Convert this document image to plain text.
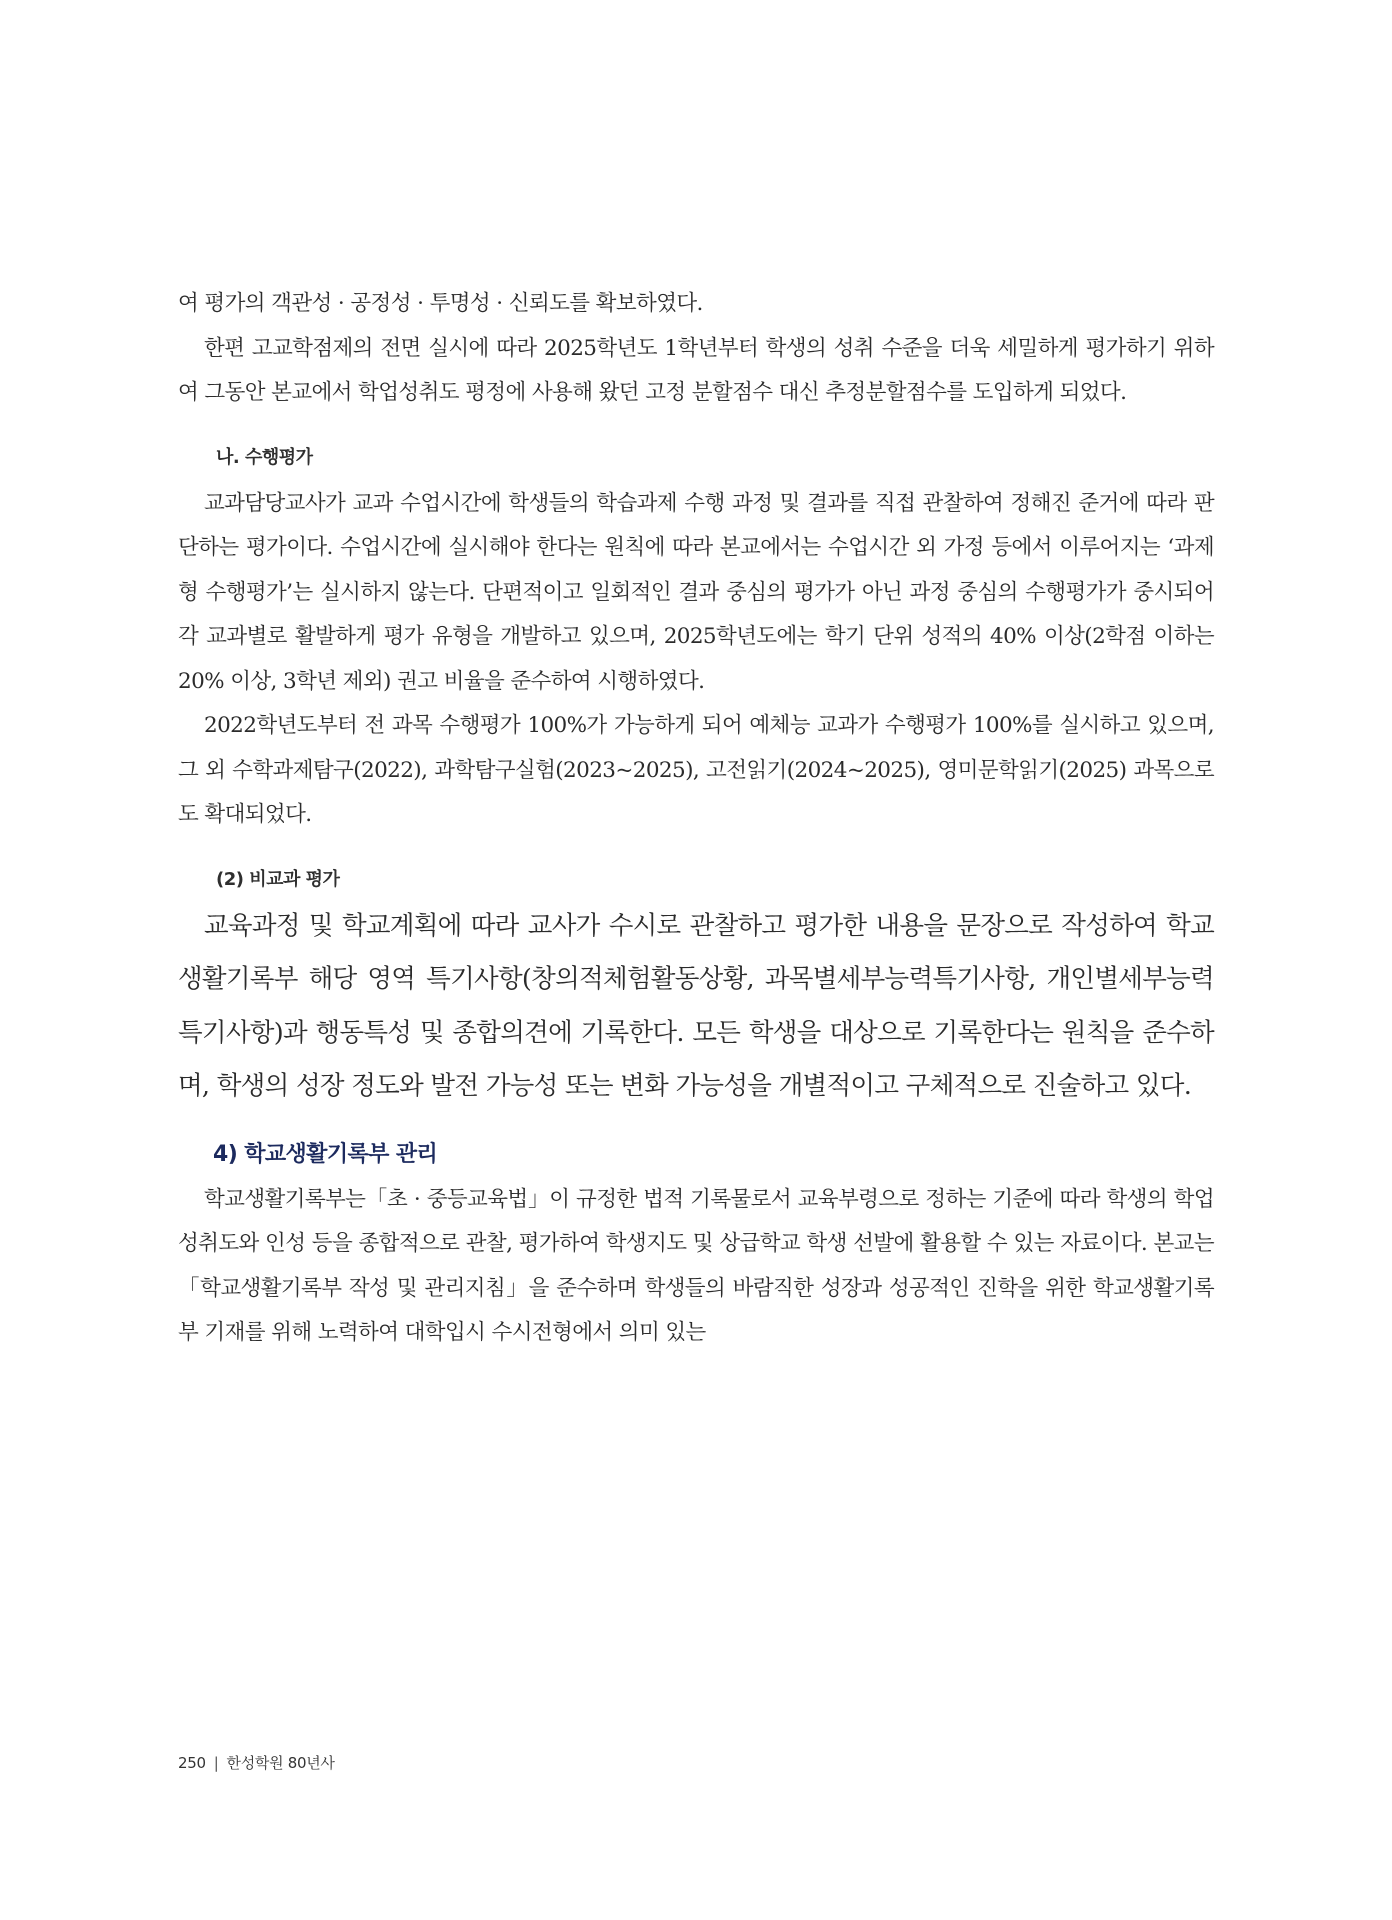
여 평가의 객관성 · 공정성 · 투명성 · 신뢰도를 확보하였다.

한편 고교학점제의 전면 실시에 따라 2025학년도 1학년부터 학생의 성취 수준을 더욱 세밀하게 평가하기 위하여 그동안 본교에서 학업성취도 평정에 사용해 왔던 고정 분할점수 대신 추정분할점수를 도입하게 되었다.

나. 수행평가

교과담당교사가 교과 수업시간에 학생들의 학습과제 수행 과정 및 결과를 직접 관찰하여 정해진 준거에 따라 판단하는 평가이다. 수업시간에 실시해야 한다는 원칙에 따라 본교에서는 수업시간 외 가정 등에서 이루어지는 ‘과제형 수행평가’는 실시하지 않는다. 단편적이고 일회적인 결과 중심의 평가가 아닌 과정 중심의 수행평가가 중시되어 각 교과별로 활발하게 평가 유형을 개발하고 있으며, 2025학년도에는 학기 단위 성적의 40% 이상(2학점 이하는 20% 이상, 3학년 제외) 권고 비율을 준수하여 시행하였다.

2022학년도부터 전 과목 수행평가 100%가 가능하게 되어 예체능 교과가 수행평가 100%를 실시하고 있으며, 그 외 수학과제탐구(2022), 과학탐구실험(2023~2025), 고전읽기(2024~2025), 영미문학읽기(2025) 과목으로도 확대되었다.

(2) 비교과 평가

교육과정 및 학교계획에 따라 교사가 수시로 관찰하고 평가한 내용을 문장으로 작성하여 학교생활기록부 해당 영역 특기사항(창의적체험활동상황, 과목별세부능력특기사항, 개인별세부능력특기사항)과 행동특성 및 종합의견에 기록한다. 모든 학생을 대상으로 기록한다는 원칙을 준수하며, 학생의 성장 정도와 발전 가능성 또는 변화 가능성을 개별적이고 구체적으로 진술하고 있다.

4) 학교생활기록부 관리

학교생활기록부는「초 · 중등교육법」이 규정한 법적 기록물로서 교육부령으로 정하는 기준에 따라 학생의 학업성취도와 인성 등을 종합적으로 관찰, 평가하여 학생지도 및 상급학교 학생 선발에 활용할 수 있는 자료이다. 본교는 「학교생활기록부 작성 및 관리지침」을 준수하며 학생들의 바람직한 성장과 성공적인 진학을 위한 학교생활기록부 기재를 위해 노력하여 대학입시 수시전형에서 의미 있는

250 | 한성학원 80년사
